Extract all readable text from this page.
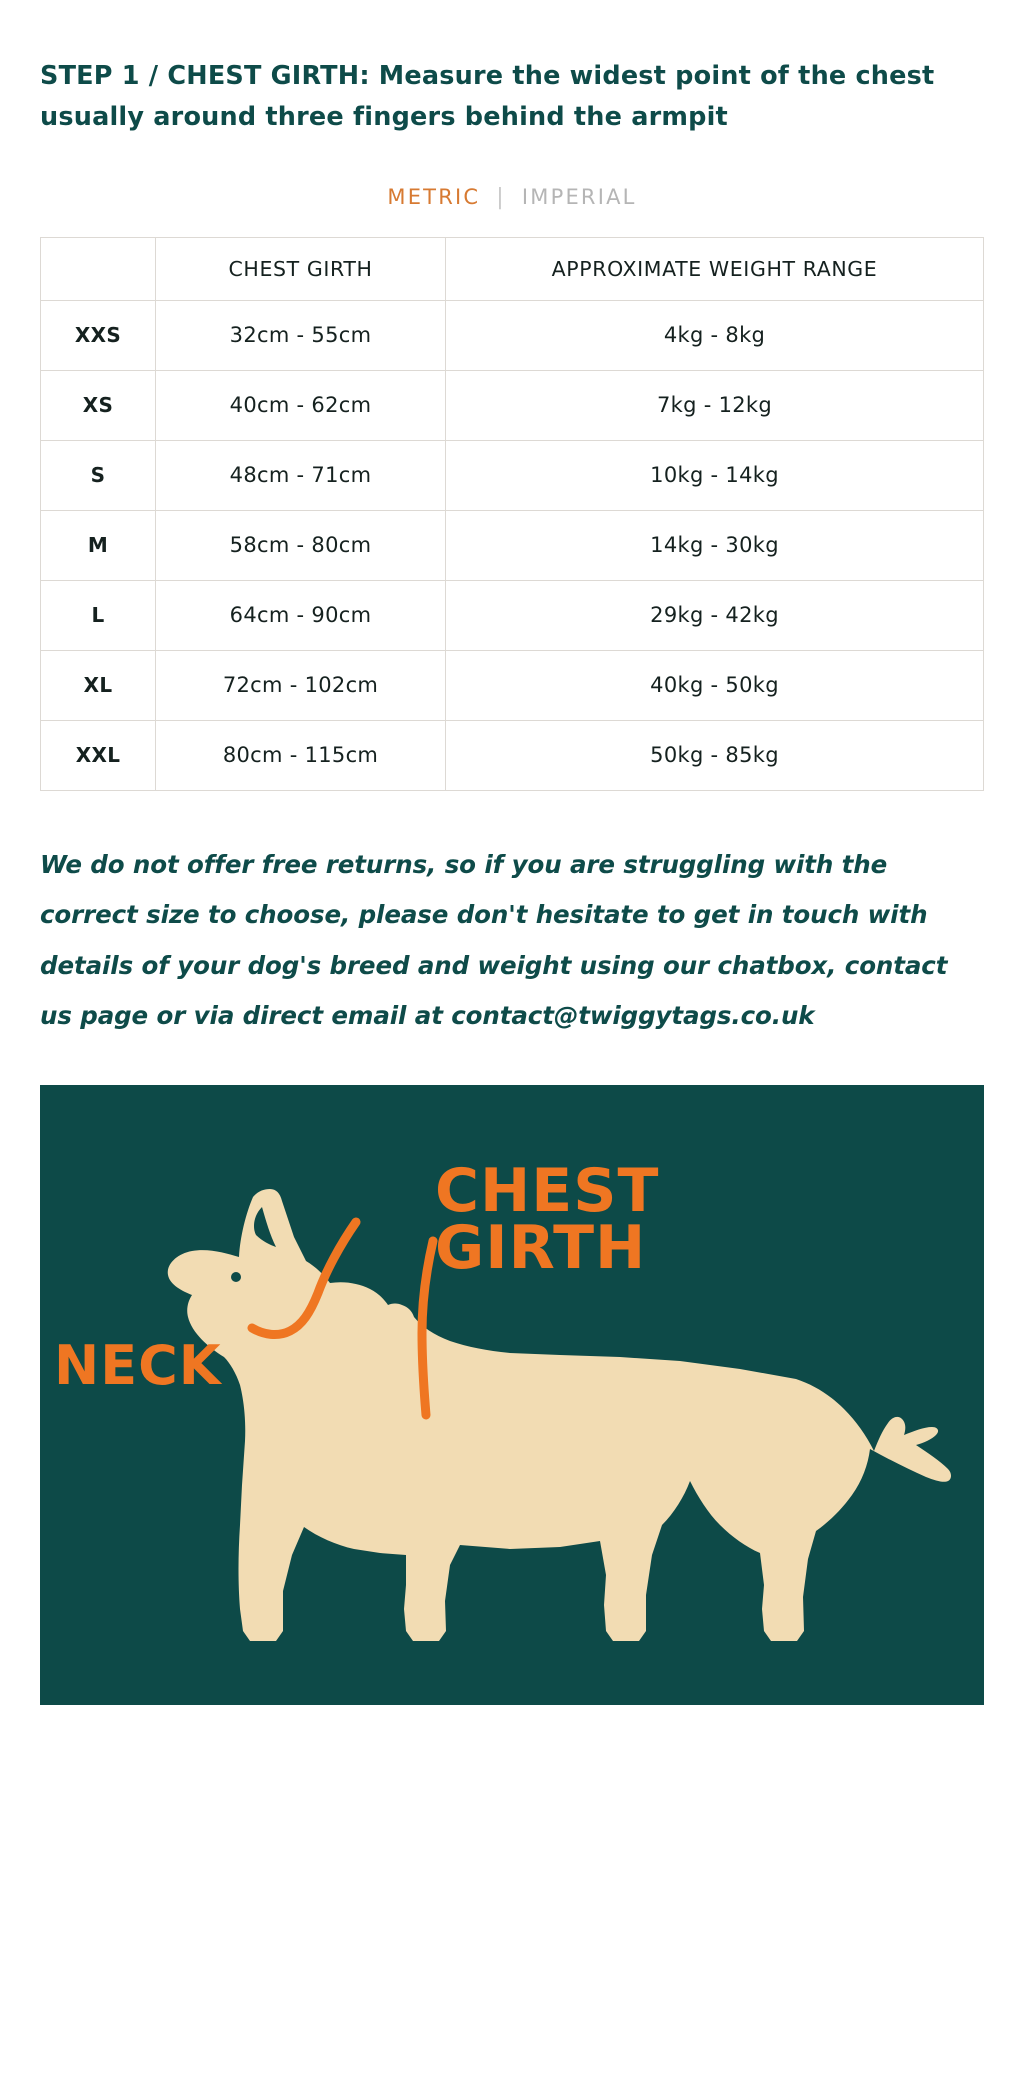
STEP 1 / CHEST GIRTH: Measure the widest point of the chest usually around three fingers behind the armpit
METRIC | IMPERIAL
	CHEST GIRTH	APPROXIMATE WEIGHT RANGE
XXS	32cm - 55cm	4kg - 8kg
XS	40cm - 62cm	7kg - 12kg
S	48cm - 71cm	10kg - 14kg
M	58cm - 80cm	14kg - 30kg
L	64cm - 90cm	29kg - 42kg
XL	72cm - 102cm	40kg - 50kg
XXL	80cm - 115cm	50kg - 85kg

We do not offer free returns, so if you are struggling with the correct size to choose, please don't hesitate to get in touch with details of your dog's breed and weight using our chatbox, contact us page or via direct email at contact@twiggytags.co.uk

NECK
CHEST
GIRTH
